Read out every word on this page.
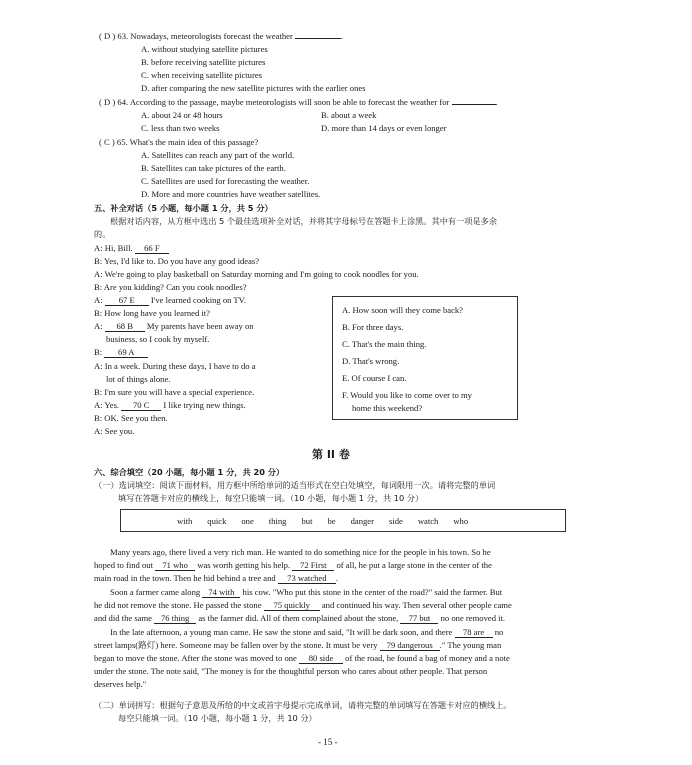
( D ) 63. Nowadays, meteorologists forecast the weather	.
A. without studying satellite pictures
B. before receiving satellite pictures
C. when receiving satellite pictures
D. after comparing the new satellite pictures with the earlier ones
( D ) 64. According to the passage, maybe meteorologists will soon be able to forecast the weather for	.
A. about 24 or 48 hours	B. about a week
C. less than two weeks	D. more than 14 days or even longer
( C ) 65. What's the main idea of this passage?
A. Satellites can reach any part of the world.
B. Satellites can take pictures of the earth.
C. Satellites are used for forecasting the weather.
D. More and more countries have weather satellites.
五、补全对话（5 小题，每小题 1 分，共 5 分）
根据对话内容，从方框中选出 5 个最佳选项补全对话，并将其字母标号在答题卡上涂黑。其中有一项是多余
的。
A: Hi, Bill. 66 F
B: Yes, I'd like to. Do you have any good ideas?
A: We're going to play basketball on Saturday morning and I'm going to cook noodles for you.
B: Are you kidding? Can you cook noodles?
A: 67 E I've learned cooking on TV.
B: How long have you learned it?
A: 68 B My parents have been away on
business, so I cook by myself.
B: 69 A
A: In a week. During these days, I have to do a
lot of things alone.
B: I'm sure you will have a special experience.
A: Yes. 70 C I like trying new things.
B: OK. See you then.
A: See you.
A. How soon will they come back?
B. For three days.
C. That's the main thing.
D. That's wrong.
E. Of course I can.
F. Would you like to come over to my
home this weekend?
第 II 卷
六、综合填空（20 小题，每小题 1 分，共 20 分）
（一）选词填空：阅读下面材料，用方框中所给单词的适当形式在空白处填空，每词限用一次。请将完整的单词
填写在答题卡对应的横线上，每空只能填一词。（10 小题，每小题 1 分，共 10 分）
with quick one thing but be danger side watch who
Many years ago, there lived a very rich man. He wanted to do something nice for the people in his town. So he
hoped to find out 71 who was worth getting his help. 72 First of all, he put a large stone in the center of the
main road in the town. Then he hid behind a tree and 73 watched .
Soon a farmer came along 74 with his cow. "Who put this stone in the center of the road?" said the farmer. But
he did not remove the stone. He passed the stone 75 quickly and continued his way. Then several other people came
and did the same 76 thing as the farmer did. All of them complained about the stone, 77 but no one removed it.
In the late afternoon, a young man came. He saw the stone and said, "It will be dark soon, and there 78 are no
street lamps(路灯) here. Someone may be fallen over by the stone. It must be very 79 dangerous ." The young man
began to move the stone. After the stone was moved to one 80 side of the road, he found a bag of money and a note
under the stone. The note said, "The money is for the thoughtful person who cares about other people. That person
deserves help."
（二）单词拼写：根据句子意思及所给的中文或首字母提示完成单词，请将完整的单词填写在答题卡对应的横线上。
每空只能填一词。（10 小题，每小题 1 分，共 10 分）
- 15 -
